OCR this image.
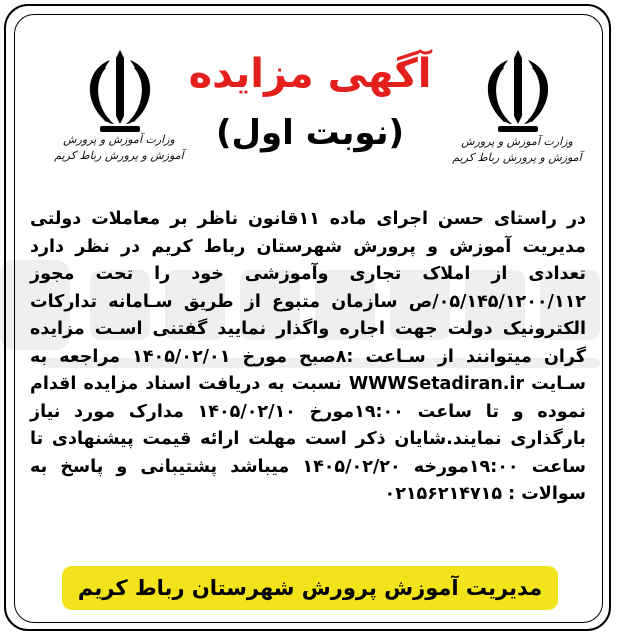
وزارت آموزش و پرورش
آموزش و پرورش رباط کریم
وزارت آموزش و پرورش
آموزش و پرورش رباط کریم
آگهی مزایده
(نوبت اول)
در راستای حسن اجرای ماده ۱۱قانون ناظر بر معاملات دولتی مدیریت آموزش و پرورش شهرستان رباط کریم در نظر دارد تعدادی از املاک تجاری وآموزشی خود را تحت مجوز ۰۵/۱۴۵/۱۲۰۰/۱۱۲/ص سازمان متبوع از طریق سـامانه تدارکات الکترونیک دولت جهت اجاره واگذار نمایید گفتنی اسـت مزایده گران میتوانند از سـاعت :۸صبح مورخ ۱۴۰۵/۰۲/۰۱ مراجعه به سـایت WWWSetadiran.ir نسبت به دریافت اسناد مزایده اقدام نموده و تا ساعت ۱۹:۰۰مورخ ۱۴۰۵/۰۲/۱۰ مدارک مورد نیاز بارگذاری نمایند.شایان ذکر است مهلت ارائه قیمت پیشنهادی تا ساعت ۱۹:۰۰مورخه ۱۴۰۵/۰۲/۲۰ میباشد پشتیبانی و پاسخ به سوالات : ۰۲۱۵۶۲۱۴۷۱۵
مدیریت آموزش پرورش شهرستان رباط کریم
